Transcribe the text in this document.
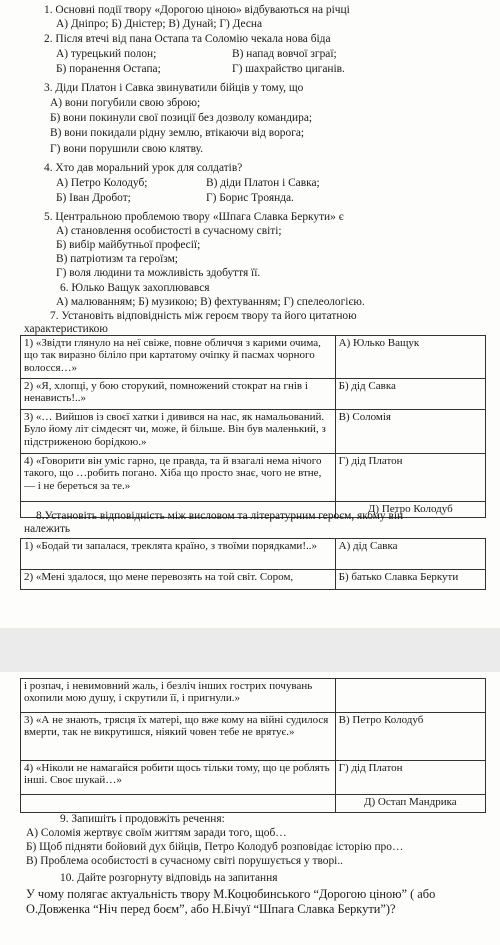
1. Основні події твору «Дорогою ціною» відбуваються на річці
А) Дніпро; Б) Дністер; В) Дунай; Г) Десна
2. Після втечі від пана Остапа та Соломію чекала нова біда
А) турецький полон;	В) напад вовчої зграї;
Б) поранення Остапа;	Г) шахрайство циганів.
3. Діди Платон і Савка звинуватили бійців у тому, що
А) вони погубили свою зброю;
Б) вони покинули свої позиції без дозволу командира;
В) вони покидали рідну землю, втікаючи від ворога;
Г) вони порушили свою клятву.
4. Хто дав моральний урок для солдатів?
А) Петро Колодуб;	В) діди Платон і Савка;
Б) Іван Дробот;	Г) Борис Троянда.
5. Центральною проблемою твору «Шпага Славка Беркути» є
А) становлення особистості в сучасному світі;
Б) вибір майбутньої професії;
В) патріотизм та героїзм;
Г) воля людини та можливість здобуття її.
6. Юлько Ващук захоплювався
А) малюванням; Б) музикою; В) фехтуванням; Г) спелеологією.
7. Установіть відповідність між героєм твору та його цитатною
характеристикою
1) «Звідти глянуло на неї свіже, повне обличчя з карими очима, що так виразно біліло при картатому очіпку й пасмах чорного волосся…»	А) Юлько Ващук
2) «Я, хлопці, у бою сторукий, помножений стократ на гнів і ненависть!..»	Б) дід Савка
3) «… Вийшов із своєї хатки і дивився на нас, як намальований. Було йому літ сімдесят чи, може, й більше. Він був маленький, з підстриженою борідкою.»	В) Соломія
4) «Говорити він уміс гарно, це правда, та й взагалі нема нічого такого, що …робить погано. Хіба що просто знає, чого не втне, — і не береться за те.»	Г) дід Платон
	Д) Петро Колодуб
8.Установіть відповідність між висловом та літературним героєм, якому він
належить
1) «Бодай ти запалася, треклята країно, з твоїми порядками!..»	А) дід Савка
2) «Мені здалося, що мене перевозять на той світ. Сором,	Б) батько Славка Беркути
і розпач, і невимовний жаль, і безліч інших гострих почувань охопили мою душу, і скрутили її, і пригнули.»	
3) «А не знають, трясця їх матері, що вже кому на війні судилося вмерти, так не викрутишся, ніякий човен тебе не врятує.»	В) Петро Колодуб
4) «Ніколи не намагайся робити щось тільки тому, що це роблять інші. Своє шукай…»	Г) дід Платон
	Д) Остап Мандрика
9. Запишіть і продовжіть речення:
А) Соломія жертвує своїм життям заради того, щоб…
Б) Щоб підняти бойовий дух бійців, Петро Колодуб розповідає історію про…
В) Проблема особистості в сучасному світі порушується у творі..
10. Дайте розгорнуту відповідь на запитання
У чому полягає актуальність твору М.Коцюбинського “Дорогою ціною” ( або
О.Довженка “Ніч перед боєм”, або Н.Бічуї “Шпага Славка Беркути”)?
